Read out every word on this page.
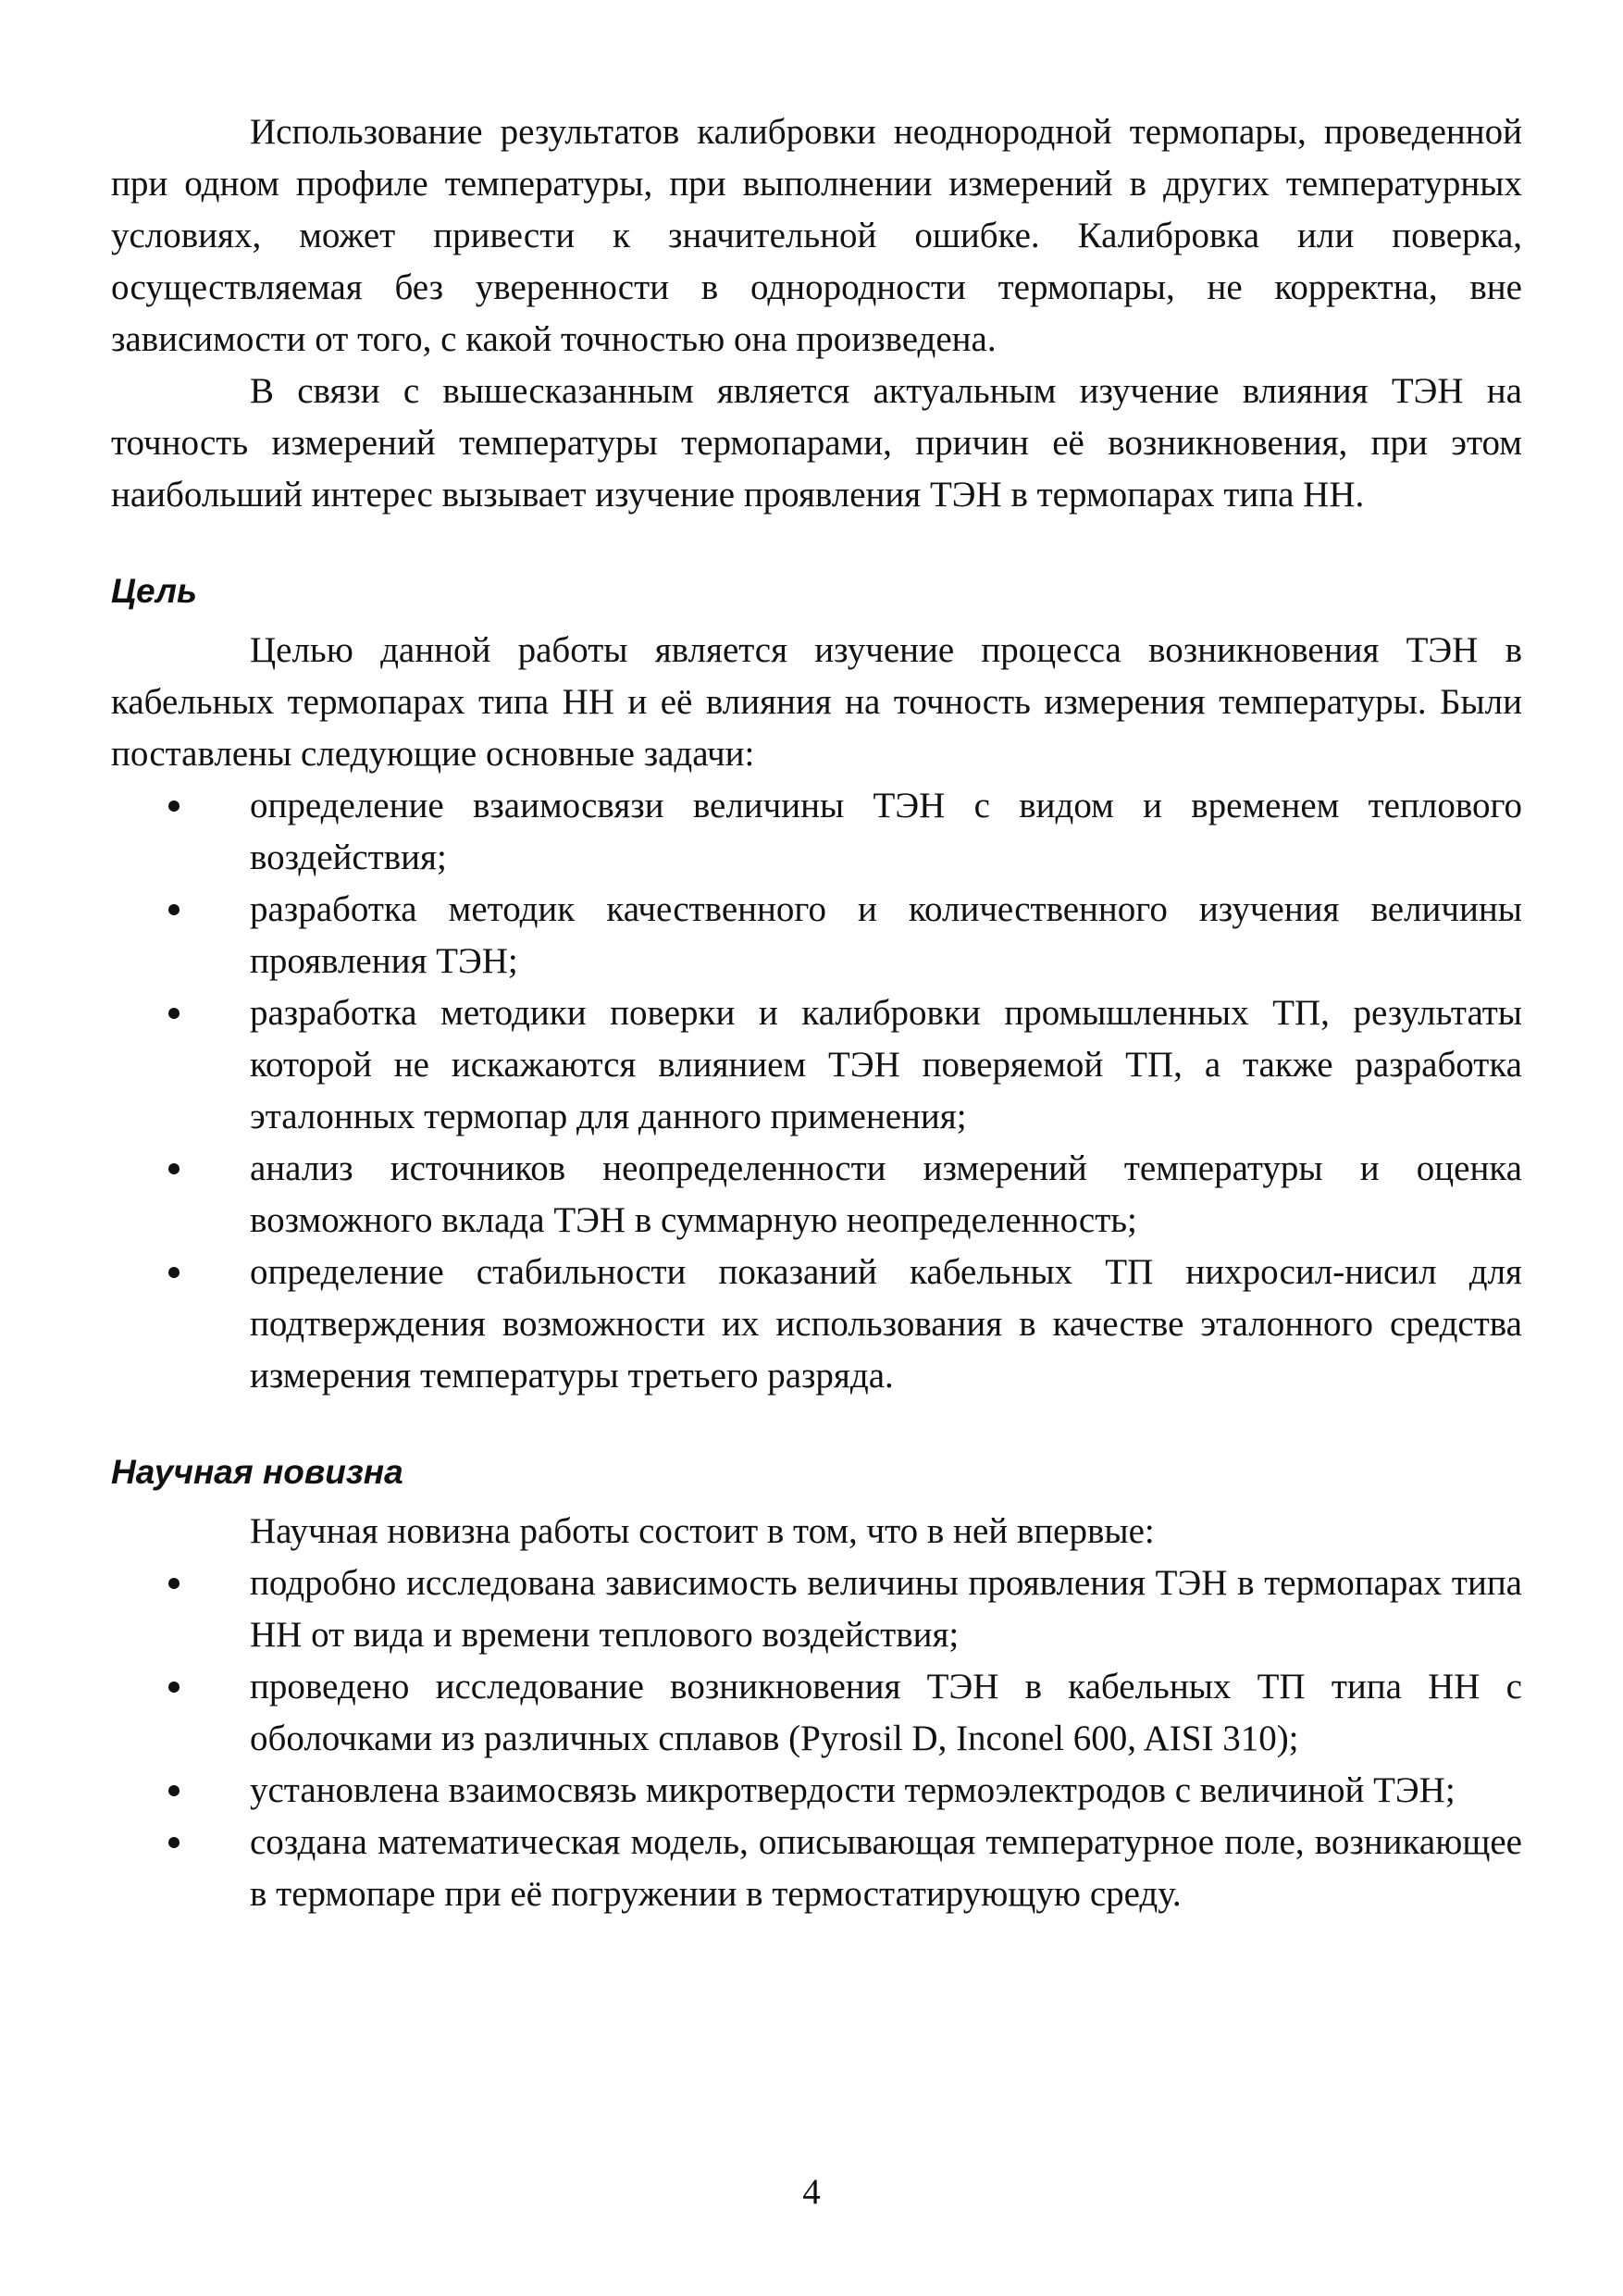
Использование результатов калибровки неоднородной термопары, проведенной при одном профиле температуры, при выполнении измерений в других температурных условиях, может привести к значительной ошибке. Калибровка или поверка, осуществляемая без уверенности в однородности термопары, не корректна, вне зависимости от того, с какой точностью она произведена.

В связи с вышесказанным является актуальным изучение влияния ТЭН на точность измерений температуры термопарами, причин её возникновения, при этом наибольший интерес вызывает изучение проявления ТЭН в термопарах типа НН.

Цель

Целью данной работы является изучение процесса возникновения ТЭН в кабельных термопарах типа НН и её влияния на точность измерения температуры. Были поставлены следующие основные задачи:

определение взаимосвязи величины ТЭН с видом и временем теплового воздействия;
разработка методик качественного и количественного изучения величины проявления ТЭН;
разработка методики поверки и калибровки промышленных ТП, результаты которой не искажаются влиянием ТЭН поверяемой ТП, а также разработка эталонных термопар для данного применения;
анализ источников неопределенности измерений температуры и оценка возможного вклада ТЭН в суммарную неопределенность;
определение стабильности показаний кабельных ТП нихросил-нисил для подтверждения возможности их использования в качестве эталонного средства измерения температуры третьего разряда.
Научная новизна

Научная новизна работы состоит в том, что в ней впервые:

подробно исследована зависимость величины проявления ТЭН в термопарах типа НН от вида и времени теплового воздействия;
проведено исследование возникновения ТЭН в кабельных ТП типа НН с оболочками из различных сплавов (Pyrosil D, Inconel 600, AISI 310);
установлена взаимосвязь микротвердости термоэлектродов с величиной ТЭН;
создана математическая модель, описывающая температурное поле, возникающее в термопаре при её погружении в термостатирующую среду.
4
